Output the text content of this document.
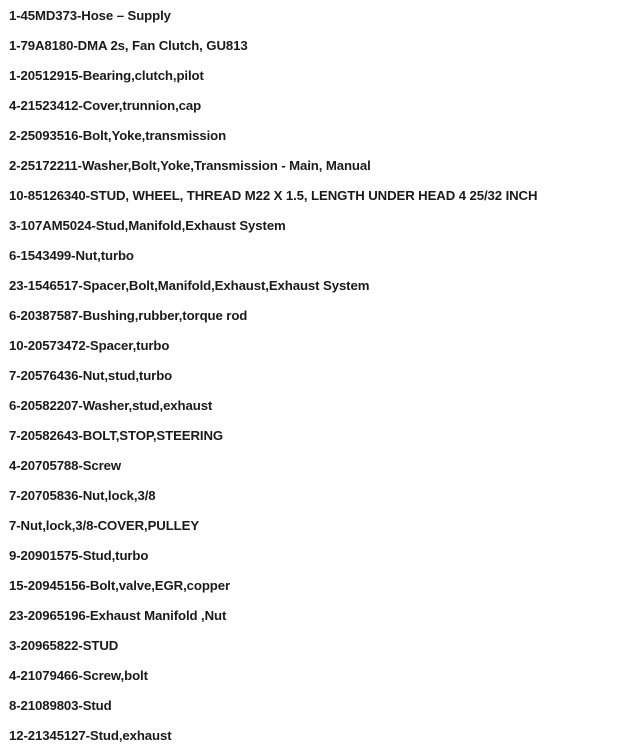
1-45MD373-Hose – Supply
1-79A8180-DMA 2s, Fan Clutch, GU813
1-20512915-Bearing,clutch,pilot
4-21523412-Cover,trunnion,cap
2-25093516-Bolt,Yoke,transmission
2-25172211-Washer,Bolt,Yoke,Transmission - Main, Manual
10-85126340-STUD, WHEEL, THREAD M22 X 1.5, LENGTH UNDER HEAD 4 25/32 INCH
3-107AM5024-Stud,Manifold,Exhaust System
6-1543499-Nut,turbo
23-1546517-Spacer,Bolt,Manifold,Exhaust,Exhaust System
6-20387587-Bushing,rubber,torque rod
10-20573472-Spacer,turbo
7-20576436-Nut,stud,turbo
6-20582207-Washer,stud,exhaust
7-20582643-BOLT,STOP,STEERING
4-20705788-Screw
7-20705836-Nut,lock,3/8
7-Nut,lock,3/8-COVER,PULLEY
9-20901575-Stud,turbo
15-20945156-Bolt,valve,EGR,copper
23-20965196-Exhaust Manifold ,Nut
3-20965822-STUD
4-21079466-Screw,bolt
8-21089803-Stud
12-21345127-Stud,exhaust
